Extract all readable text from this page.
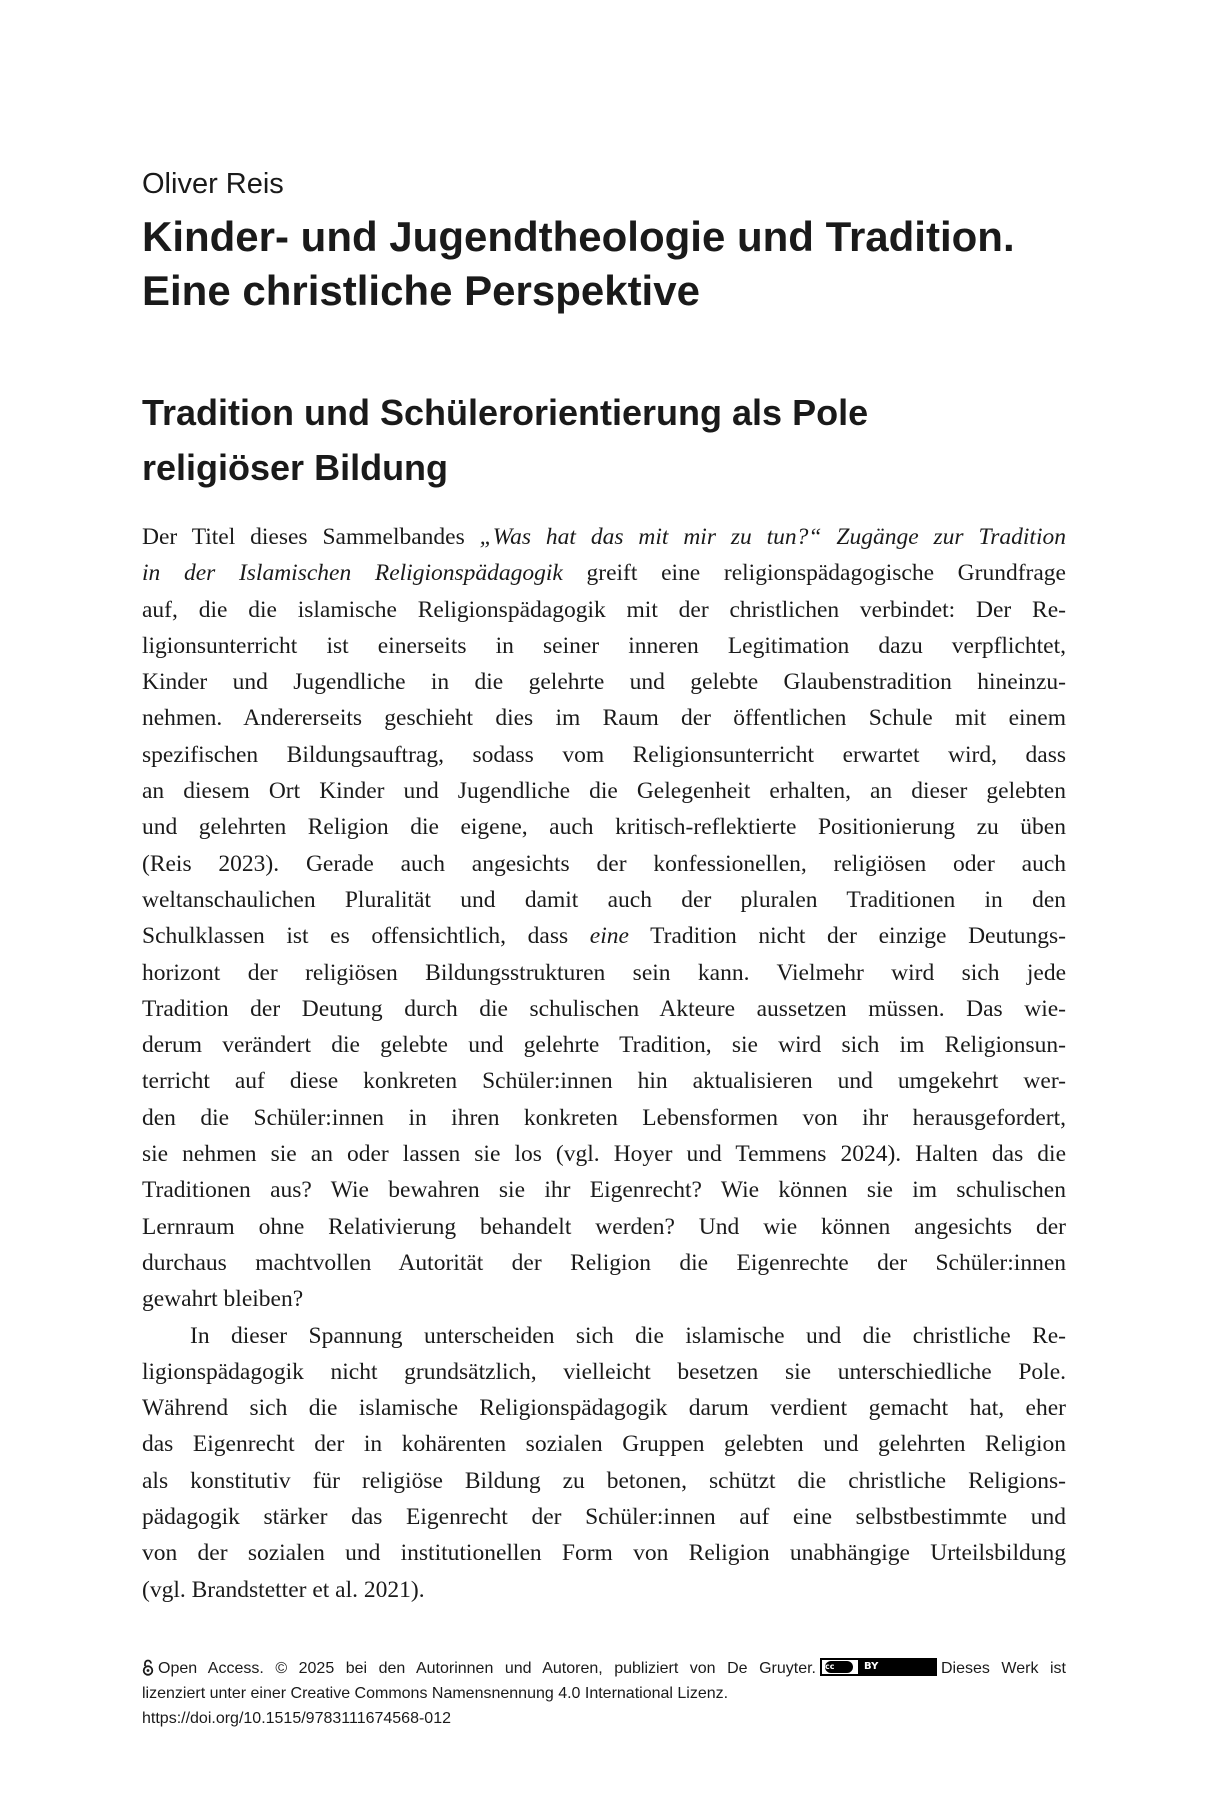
Oliver Reis
Kinder- und Jugendtheologie und Tradition.
Eine christliche Perspektive
Tradition und Schülerorientierung als Pole
religiöser Bildung
Der Titel dieses Sammelbandes „Was hat das mit mir zu tun?“ Zugänge zur Tradition
in der Islamischen Religionspädagogik greift eine religionspädagogische Grundfrage
auf, die die islamische Religionspädagogik mit der christlichen verbindet: Der Re-
ligionsunterricht ist einerseits in seiner inneren Legitimation dazu verpflichtet,
Kinder und Jugendliche in die gelehrte und gelebte Glaubenstradition hineinzu-
nehmen. Andererseits geschieht dies im Raum der öffentlichen Schule mit einem
spezifischen Bildungsauftrag, sodass vom Religionsunterricht erwartet wird, dass
an diesem Ort Kinder und Jugendliche die Gelegenheit erhalten, an dieser gelebten
und gelehrten Religion die eigene, auch kritisch-reflektierte Positionierung zu üben
(Reis 2023). Gerade auch angesichts der konfessionellen, religiösen oder auch
weltanschaulichen Pluralität und damit auch der pluralen Traditionen in den
Schulklassen ist es offensichtlich, dass eine Tradition nicht der einzige Deutungs-
horizont der religiösen Bildungsstrukturen sein kann. Vielmehr wird sich jede
Tradition der Deutung durch die schulischen Akteure aussetzen müssen. Das wie-
derum verändert die gelebte und gelehrte Tradition, sie wird sich im Religionsun-
terricht auf diese konkreten Schüler:innen hin aktualisieren und umgekehrt wer-
den die Schüler:innen in ihren konkreten Lebensformen von ihr herausgefordert,
sie nehmen sie an oder lassen sie los (vgl. Hoyer und Temmens 2024). Halten das die
Traditionen aus? Wie bewahren sie ihr Eigenrecht? Wie können sie im schulischen
Lernraum ohne Relativierung behandelt werden? Und wie können angesichts der
durchaus machtvollen Autorität der Religion die Eigenrechte der Schüler:innen
gewahrt bleiben?
In dieser Spannung unterscheiden sich die islamische und die christliche Re-
ligionspädagogik nicht grundsätzlich, vielleicht besetzen sie unterschiedliche Pole.
Während sich die islamische Religionspädagogik darum verdient gemacht hat, eher
das Eigenrecht der in kohärenten sozialen Gruppen gelebten und gelehrten Religion
als konstitutiv für religiöse Bildung zu betonen, schützt die christliche Religions-
pädagogik stärker das Eigenrecht der Schüler:innen auf eine selbstbestimmte und
von der sozialen und institutionellen Form von Religion unabhängige Urteilsbildung
(vgl. Brandstetter et al. 2021).
Open Access. © 2025 bei den Autorinnen und Autoren, publiziert von De Gruyter. cc	BY	Dieses Werk ist
lizenziert unter einer Creative Commons Namensnennung 4.0 International Lizenz.
https://doi.org/10.1515/9783111674568-012
